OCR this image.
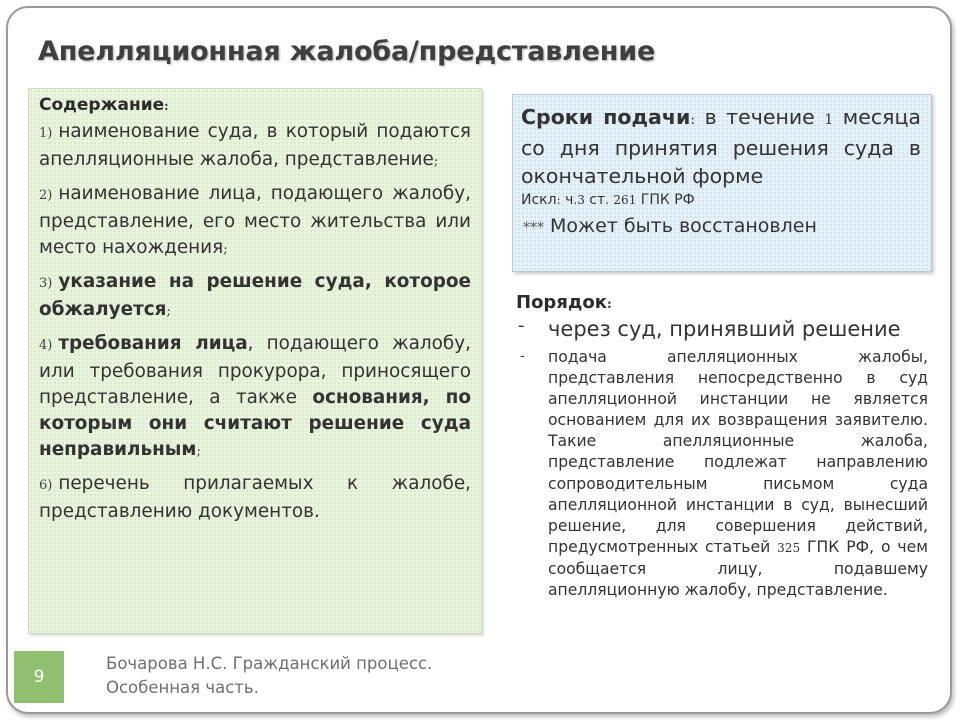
Апелляционная жалоба/представление
Содержание:
1) наименование суда, в который подаются апелляционные жалоба, представление;
2) наименование лица, подающего жалобу, представление, его место жительства или место нахождения;
3) указание на решение суда, которое обжалуется;
4) требования лица, подающего жалобу, или требования прокурора, приносящего представление, а также основания, по которым они считают решение суда неправильным;
6) перечень прилагаемых к жалобе, представлению документов.
Сроки подачи: в течение 1 месяца со дня принятия решения суда в окончательной форме
Искл: ч.3 ст. 261 ГПК РФ
*** Может быть восстановлен
Порядок:
- через суд, принявший решение
- подача апелляционных жалобы, представления непосредственно в суд апелляционной инстанции не является основанием для их возвращения заявителю. Такие апелляционные жалоба, представление подлежат направлению сопроводительным письмом суда апелляционной инстанции в суд, вынесший решение, для совершения действий, предусмотренных статьей 325 ГПК РФ, о чем сообщается лицу, подавшему апелляционную жалобу, представление.
9
Бочарова Н.С. Гражданский процесс.
Особенная часть.
